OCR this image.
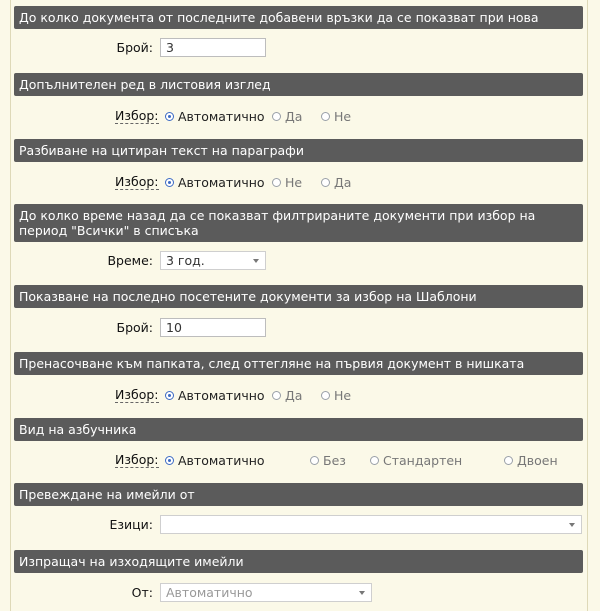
До колко документа от последните добавени връзки да се показват при нова
Брой:	3
Допълнителен ред в листовия изглед
Избор: Автоматично Да	Не
Разбиване на цитиран текст на параграфи
Избор: Автоматично Не	Да
До колко време назад да се показват филтрираните документи при избор на период "Всички" в списъка
Време:	3 год.
Показване на последно посетените документи за избор на Шаблони
Брой:	10
Пренасочване към папката, след оттегляне на първия документ в нишката
Избор: Автоматично Да	Не
Вид на азбучника
Избор: Автоматично	Без	Стандартен	Двоен
Превеждане на имейли от
Езици:
Изпращач на изходящите имейли
От:	Автоматично
